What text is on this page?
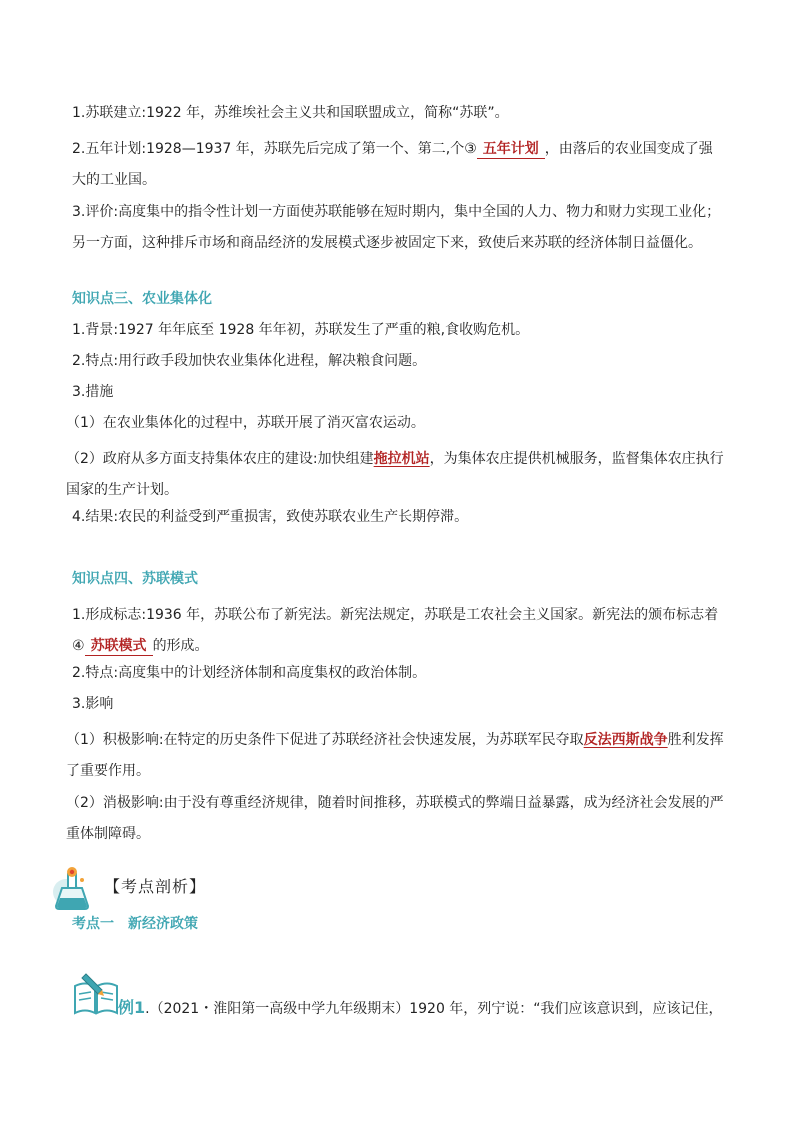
1.苏联建立:1922 年，苏维埃社会主义共和国联盟成立，简称“苏联”。
2.五年计划:1928—1937 年，苏联先后完成了第一个、第二,个③ 五年计划 ，由落后的农业国变成了强大的工业国。
3.评价:高度集中的指令性计划一方面使苏联能够在短时期内，集中全国的人力、物力和财力实现工业化；另一方面，这种排斥市场和商品经济的发展模式逐步被固定下来，致使后来苏联的经济体制日益僵化。
知识点三、农业集体化
1.背景:1927 年年底至 1928 年年初，苏联发生了严重的粮,食收购危机。
2.特点:用行政手段加快农业集体化进程，解决粮食问题。
3.措施
（1）在农业集体化的过程中，苏联开展了消灭富农运动。
（2）政府从多方面支持集体农庄的建设:加快组建拖拉机站，为集体农庄提供机械服务，监督集体农庄执行国家的生产计划。
4.结果:农民的利益受到严重损害，致使苏联农业生产长期停滞。
知识点四、苏联模式
1.形成标志:1936 年，苏联公布了新宪法。新宪法规定，苏联是工农社会主义国家。新宪法的颁布标志着④ 苏联模式 的形成。
2.特点:高度集中的计划经济体制和高度集权的政治体制。
3.影响
（1）积极影响:在特定的历史条件下促进了苏联经济社会快速发展，为苏联军民夺取反法西斯战争胜利发挥了重要作用。
（2）消极影响:由于没有尊重经济规律，随着时间推移，苏联模式的弊端日益暴露，成为经济社会发展的严重体制障碍。
【考点剖析】
考点一　新经济政策
例1.（2021・淮阳第一高级中学九年级期末）1920 年，列宁说：“我们应该意识到，应该记住，
